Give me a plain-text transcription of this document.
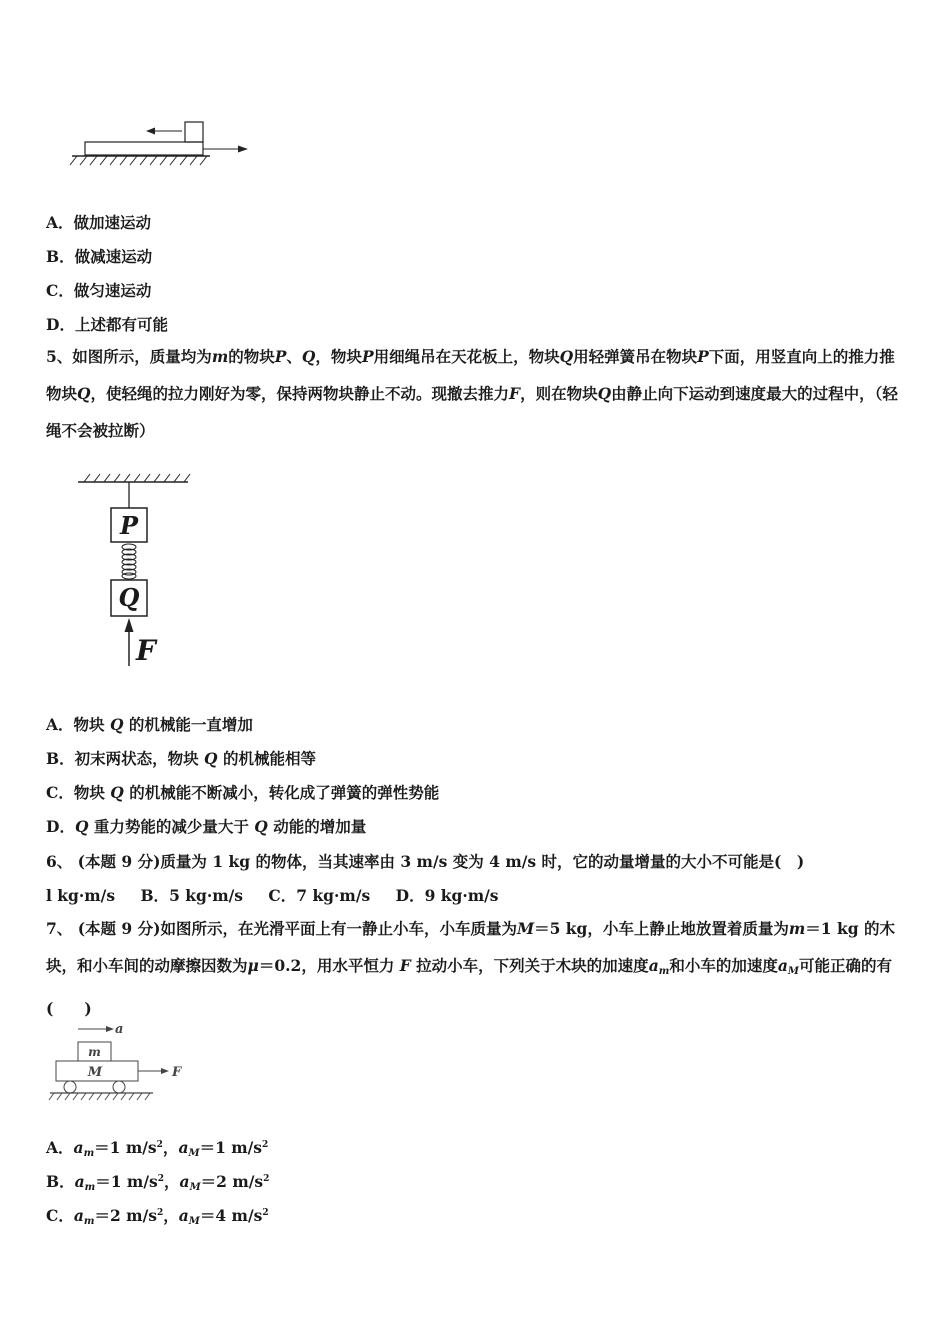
A．做加速运动
B．做减速运动
C．做匀速运动
D．上述都有可能
5、如图所示，质量均为m的物块P、Q，物块P用细绳吊在天花板上，物块Q用轻弹簧吊在物块P下面，用竖直向上的推力推物块Q，使轻绳的拉力刚好为零，保持两物块静止不动。现撤去推力F，则在物块Q由静止向下运动到速度最大的过程中，（轻绳不会被拉断）
P
Q
F
A．物块 Q 的机械能一直增加
B．初末两状态，物块 Q 的机械能相等
C．物块 Q 的机械能不断减小，转化成了弹簧的弹性势能
D．Q 重力势能的减少量大于 Q 动能的增加量
6、 (本题 9 分)质量为 1 kg 的物体，当其速率由 3 m/s 变为 4 m/s 时，它的动量增量的大小不可能是(　)
l kg·m/s B．5 kg·m/s C．7 kg·m/s D．9 kg·m/s
7、 (本题 9 分)如图所示，在光滑平面上有一静止小车，小车质量为M＝5 kg，小车上静止地放置着质量为m＝1 kg 的木块，和小车间的动摩擦因数为μ＝0.2，用水平恒力 F 拉动小车，下列关于木块的加速度$a_m$和小车的加速度$a_M$可能正确的有(　　)
a
m
M	F
A．$a_m=1$ $m/s^2$，$a_M=1$ $m/s^2$
B．$a_m=1$ $m/s^2$，$a_M=2$ $m/s^2$
C．$a_m=2$ $m/s^2$，$a_M=4$ $m/s^2$
